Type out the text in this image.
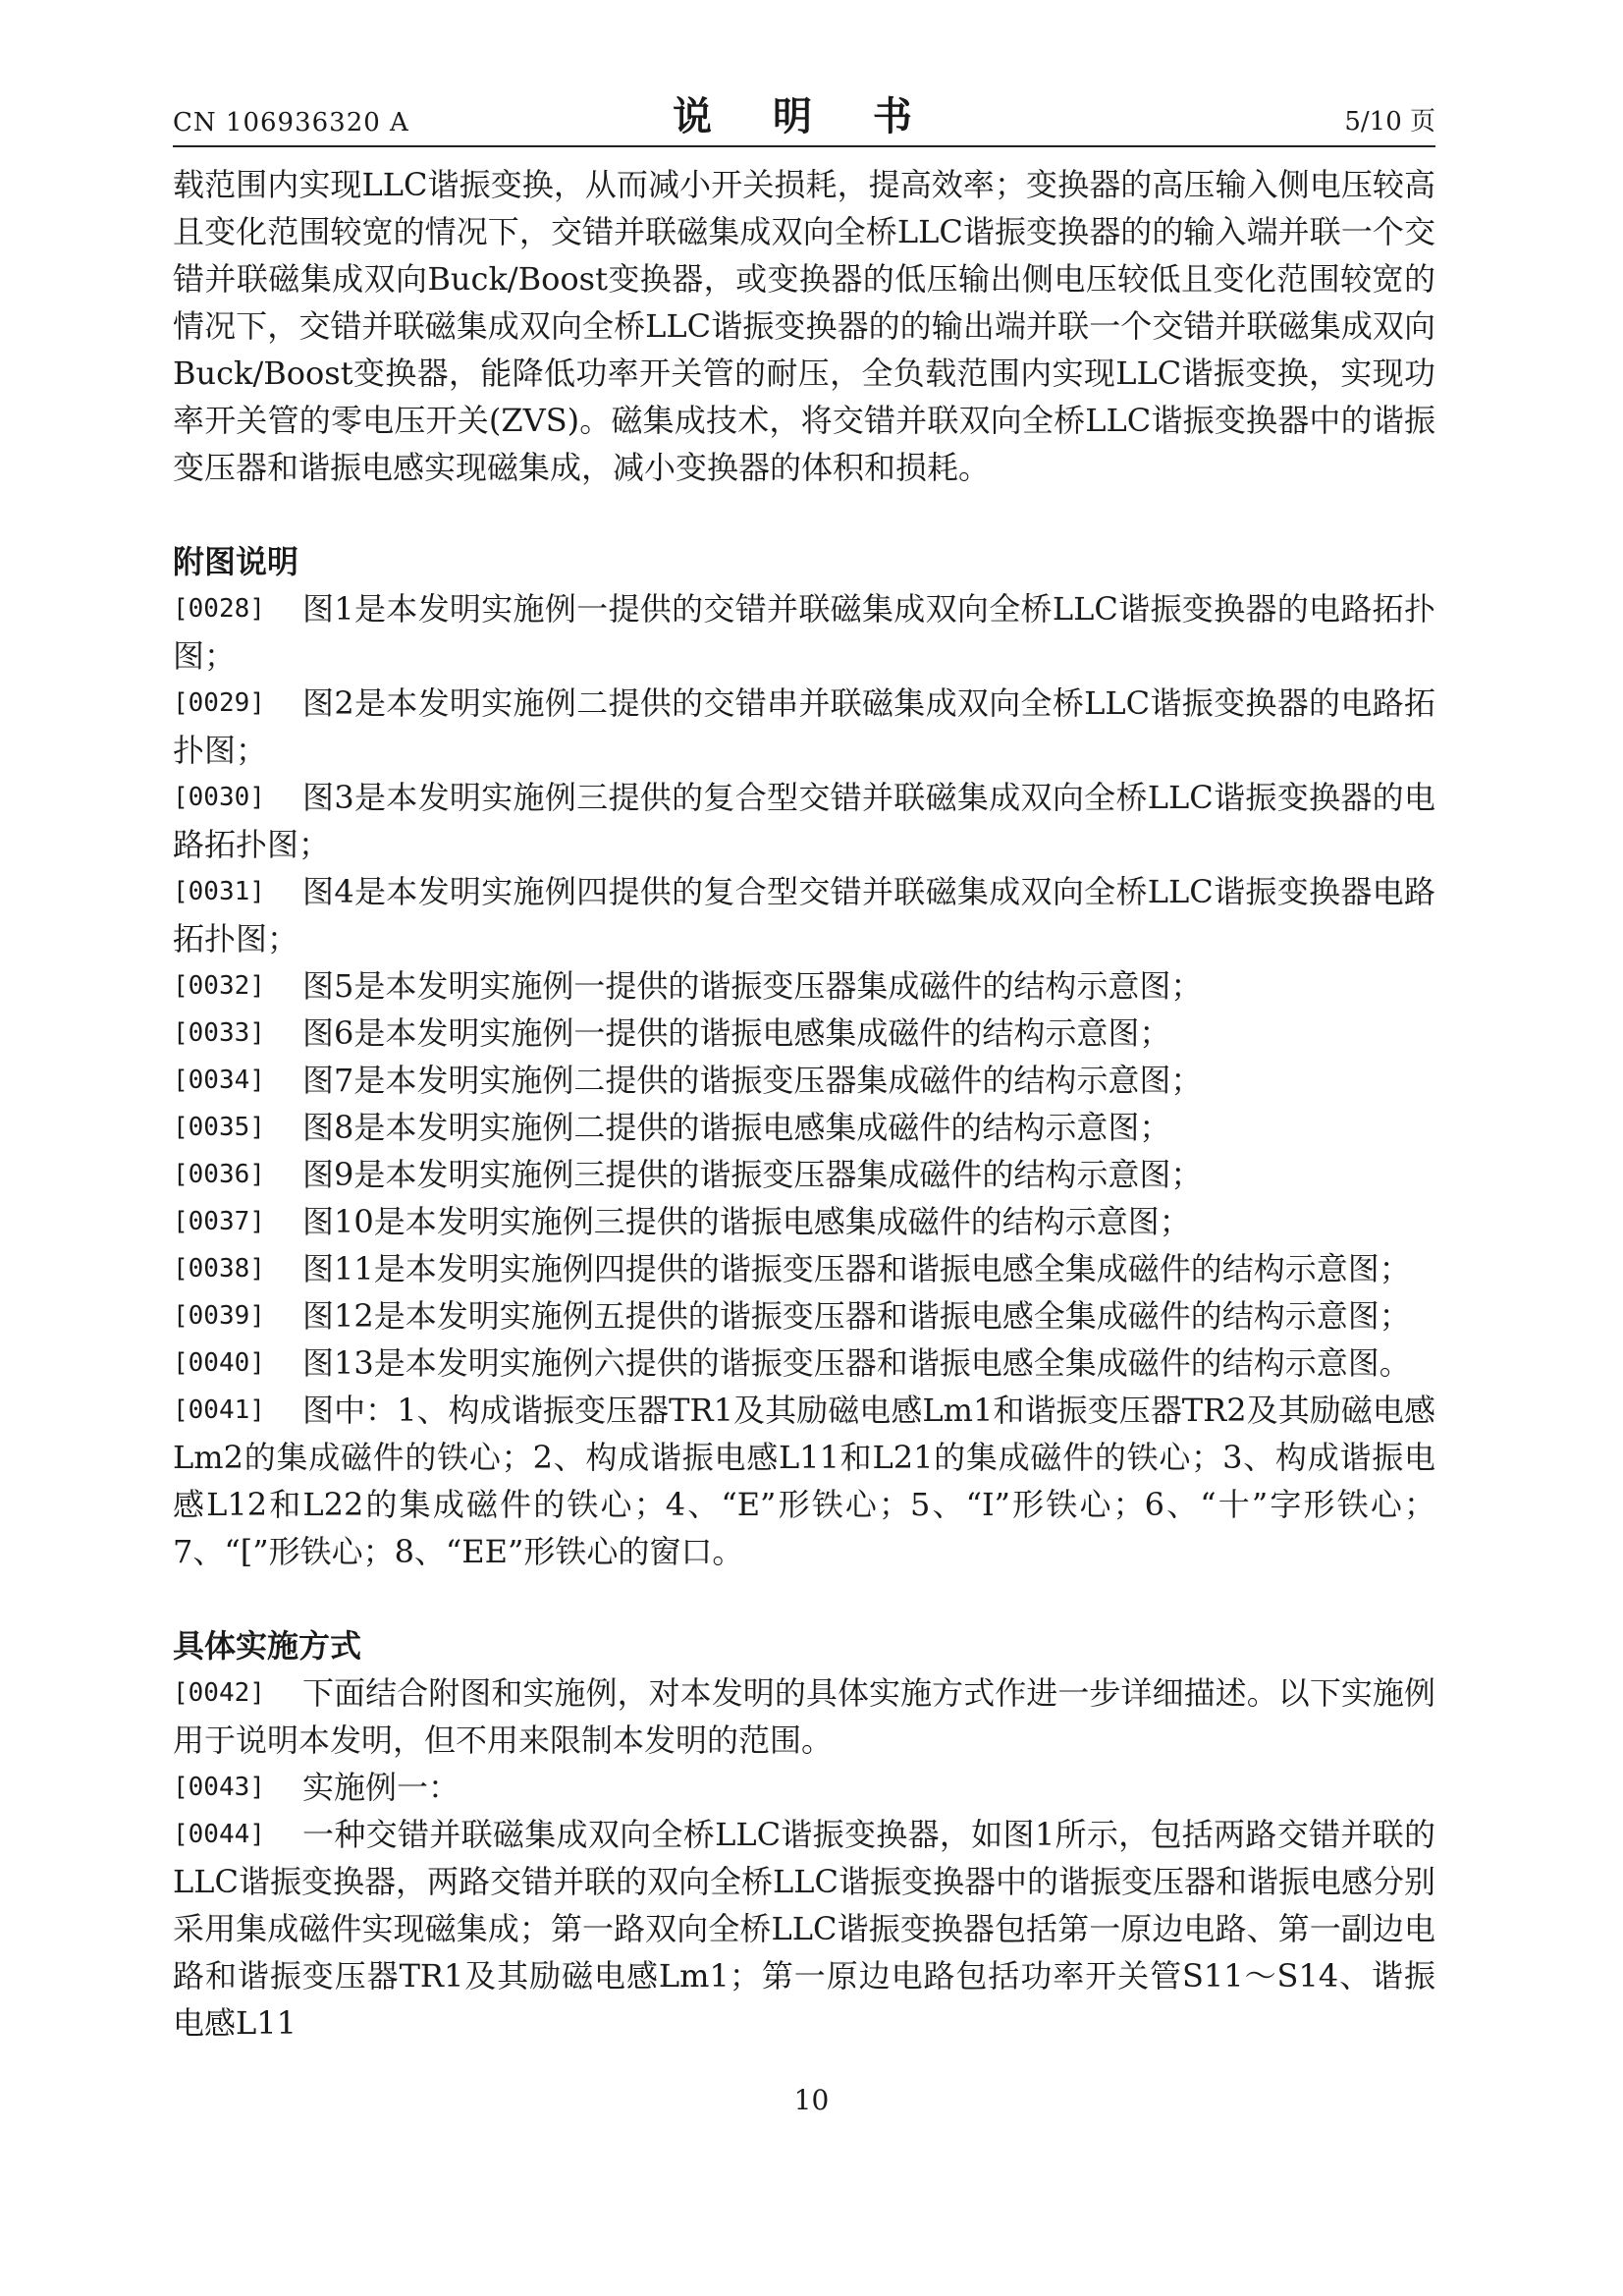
CN 106936320 A	说 明 书	5/10 页

载范围内实现LLC谐振变换，从而减小开关损耗，提高效率；变换器的高压输入侧电压较高且变化范围较宽的情况下，交错并联磁集成双向全桥LLC谐振变换器的的输入端并联一个交错并联磁集成双向Buck/Boost变换器，或变换器的低压输出侧电压较低且变化范围较宽的情况下，交错并联磁集成双向全桥LLC谐振变换器的的输出端并联一个交错并联磁集成双向Buck/Boost变换器，能降低功率开关管的耐压，全负载范围内实现LLC谐振变换，实现功率开关管的零电压开关(ZVS)。磁集成技术，将交错并联双向全桥LLC谐振变换器中的谐振变压器和谐振电感实现磁集成，减小变换器的体积和损耗。

附图说明

[0028] 图1是本发明实施例一提供的交错并联磁集成双向全桥LLC谐振变换器的电路拓扑图；

[0029] 图2是本发明实施例二提供的交错串并联磁集成双向全桥LLC谐振变换器的电路拓扑图；

[0030] 图3是本发明实施例三提供的复合型交错并联磁集成双向全桥LLC谐振变换器的电路拓扑图；

[0031] 图4是本发明实施例四提供的复合型交错并联磁集成双向全桥LLC谐振变换器电路拓扑图；

[0032] 图5是本发明实施例一提供的谐振变压器集成磁件的结构示意图；

[0033] 图6是本发明实施例一提供的谐振电感集成磁件的结构示意图；

[0034] 图7是本发明实施例二提供的谐振变压器集成磁件的结构示意图；

[0035] 图8是本发明实施例二提供的谐振电感集成磁件的结构示意图；

[0036] 图9是本发明实施例三提供的谐振变压器集成磁件的结构示意图；

[0037] 图10是本发明实施例三提供的谐振电感集成磁件的结构示意图；

[0038] 图11是本发明实施例四提供的谐振变压器和谐振电感全集成磁件的结构示意图；

[0039] 图12是本发明实施例五提供的谐振变压器和谐振电感全集成磁件的结构示意图；

[0040] 图13是本发明实施例六提供的谐振变压器和谐振电感全集成磁件的结构示意图。

[0041] 图中：1、构成谐振变压器TR1及其励磁电感Lm1和谐振变压器TR2及其励磁电感Lm2的集成磁件的铁心；2、构成谐振电感L11和L21的集成磁件的铁心；3、构成谐振电感L12和L22的集成磁件的铁心；4、“E”形铁心；5、“I”形铁心；6、“十”字形铁心；7、“[”形铁心；8、“EE”形铁心的窗口。

具体实施方式

[0042] 下面结合附图和实施例，对本发明的具体实施方式作进一步详细描述。以下实施例用于说明本发明，但不用来限制本发明的范围。

[0043] 实施例一：

[0044] 一种交错并联磁集成双向全桥LLC谐振变换器，如图1所示，包括两路交错并联的LLC谐振变换器，两路交错并联的双向全桥LLC谐振变换器中的谐振变压器和谐振电感分别采用集成磁件实现磁集成；第一路双向全桥LLC谐振变换器包括第一原边电路、第一副边电路和谐振变压器TR1及其励磁电感Lm1；第一原边电路包括功率开关管S11～S14、谐振电感L11

10
